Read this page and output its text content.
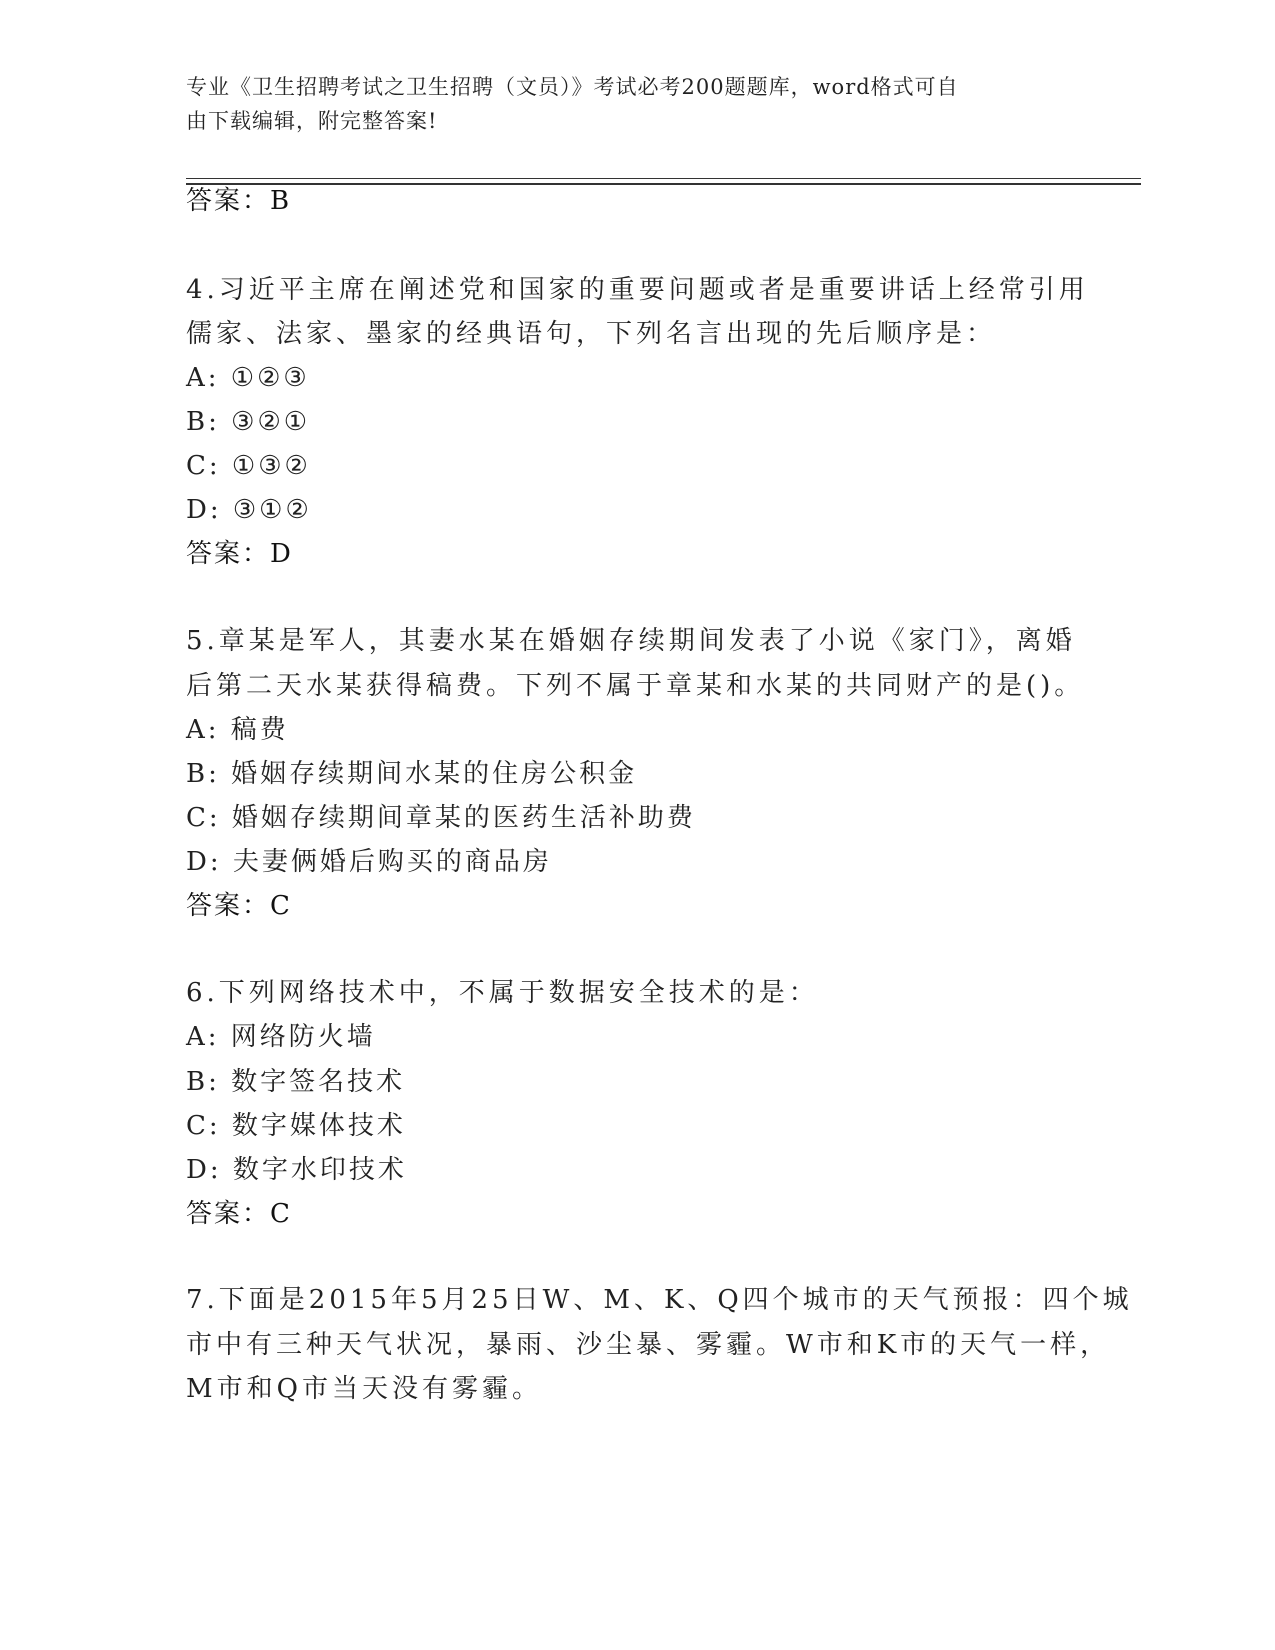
专业《卫生招聘考试之卫生招聘（文员）》考试必考200题题库，word格式可自
由下载编辑，附完整答案!
答案：B
4.习近平主席在阐述党和国家的重要问题或者是重要讲话上经常引用
儒家、法家、墨家的经典语句，下列名言出现的先后顺序是：
A: ①②③
B: ③②①
C: ①③②
D: ③①②
答案：D
5.章某是军人，其妻水某在婚姻存续期间发表了小说《家门》，离婚
后第二天水某获得稿费。下列不属于章某和水某的共同财产的是()。
A: 稿费
B: 婚姻存续期间水某的住房公积金
C: 婚姻存续期间章某的医药生活补助费
D: 夫妻俩婚后购买的商品房
答案：C
6.下列网络技术中，不属于数据安全技术的是：
A: 网络防火墙
B: 数字签名技术
C: 数字媒体技术
D: 数字水印技术
答案：C
7.下面是2015年5月25日W、M、K、Q四个城市的天气预报：四个城
市中有三种天气状况，暴雨、沙尘暴、雾霾。W市和K市的天气一样，
M市和Q市当天没有雾霾。
